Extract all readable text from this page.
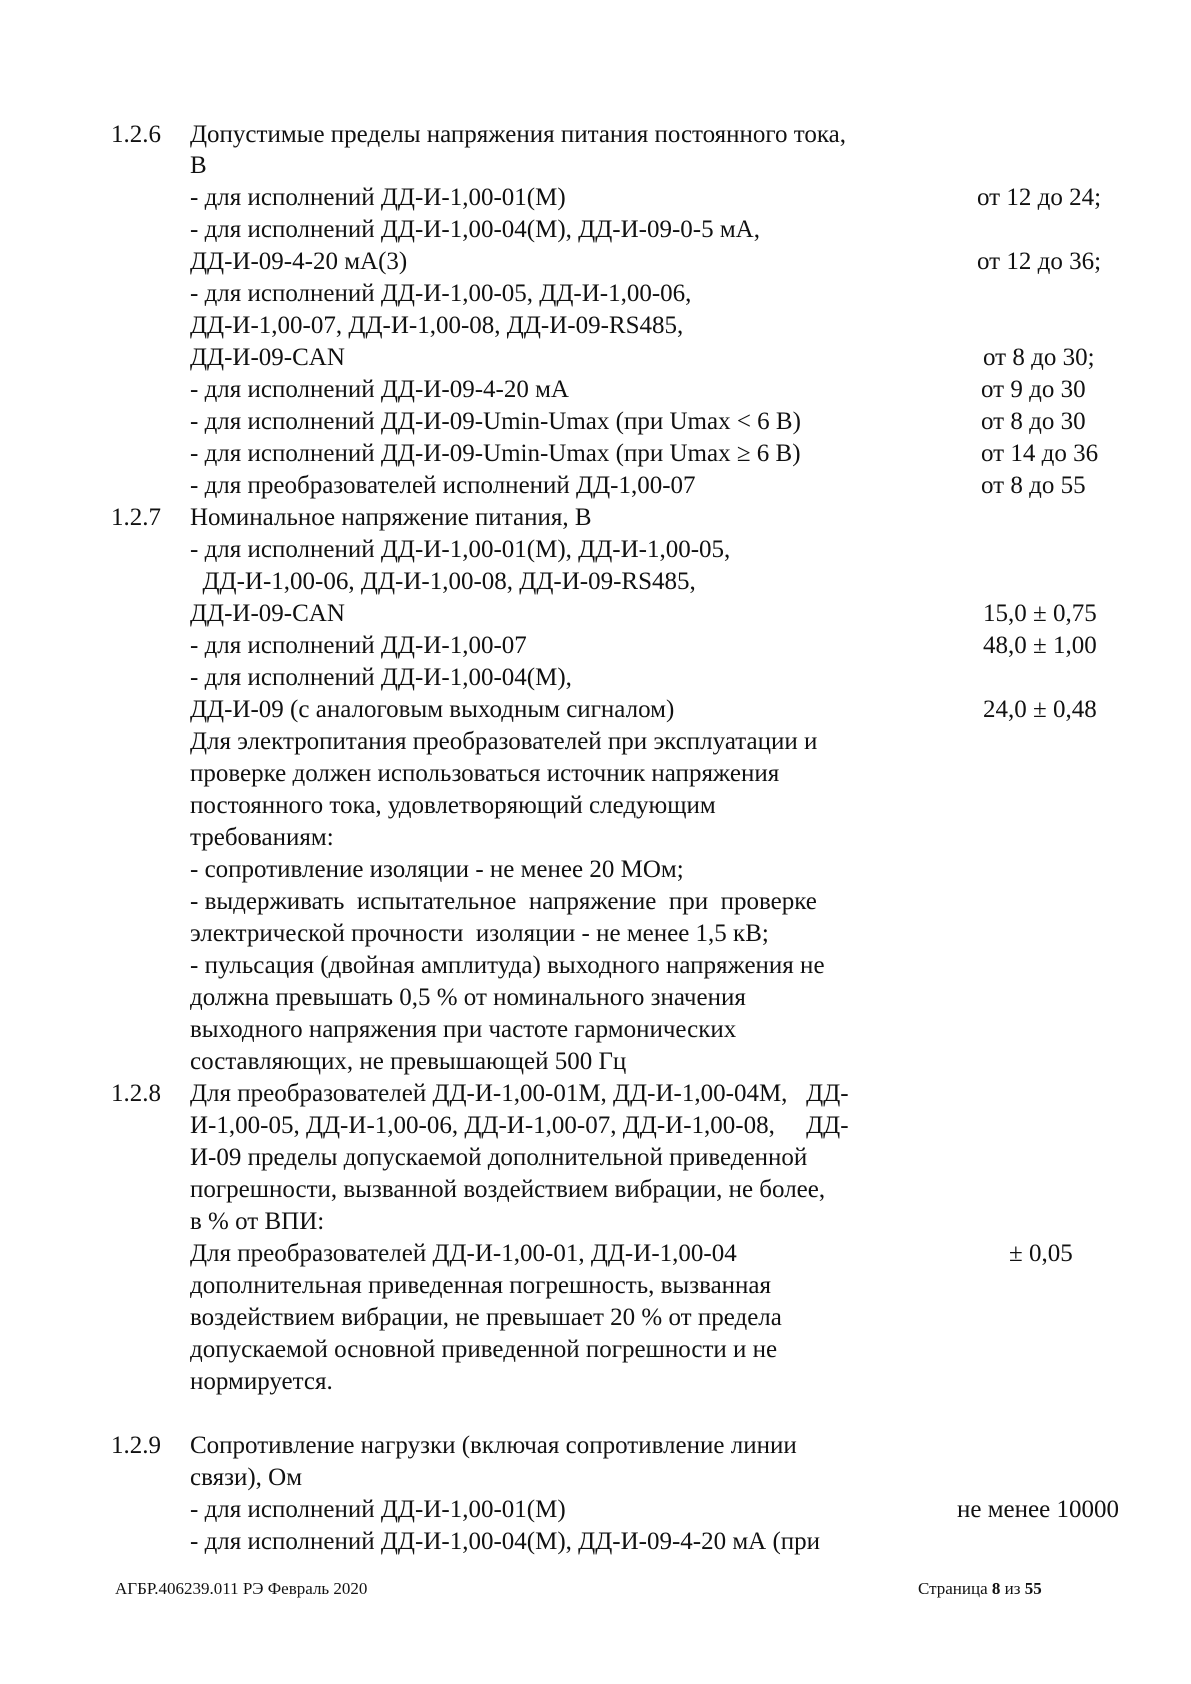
1.2.6 Допустимые пределы напряжения питания постоянного тока,
В
- для исполнений ДД-И-1,00-01(М)	от 12 до 24;
- для исполнений ДД-И-1,00-04(М), ДД-И-09-0-5 мА,
ДД-И-09-4-20 мА(3)	от 12 до 36;
- для исполнений ДД-И-1,00-05, ДД-И-1,00-06,
ДД-И-1,00-07, ДД-И-1,00-08, ДД-И-09-RS485,
ДД-И-09-CAN	от 8 до 30;
- для исполнений ДД-И-09-4-20 мА	от 9 до 30
- для исполнений ДД-И-09-Umin-Umax (при Umax < 6 В)	от 8 до 30
- для исполнений ДД-И-09-Umin-Umax (при Umax ≥ 6 В)	от 14 до 36
- для преобразователей исполнений ДД-1,00-07	от 8 до 55
1.2.7 Номинальное напряжение питания, В
- для исполнений ДД-И-1,00-01(М), ДД-И-1,00-05,
ДД-И-1,00-06, ДД-И-1,00-08, ДД-И-09-RS485,
ДД-И-09-CAN	15,0 ± 0,75
- для исполнений ДД-И-1,00-07	48,0 ± 1,00
- для исполнений ДД-И-1,00-04(М),
ДД-И-09 (с аналоговым выходным сигналом)	24,0 ± 0,48
Для электропитания преобразователей при эксплуатации и
проверке должен использоваться источник напряжения
постоянного тока, удовлетворяющий следующим
требованиям:
- сопротивление изоляции - не менее 20 МОм;
- выдерживать  испытательное  напряжение  при  проверке
электрической прочности  изоляции - не менее 1,5 кВ;
- пульсация (двойная амплитуда) выходного напряжения не
должна превышать 0,5 % от номинального значения
выходного напряжения при частоте гармонических
составляющих, не превышающей 500 Гц
1.2.8 Для преобразователей ДД-И-1,00-01М, ДД-И-1,00-04М,   ДД-
И-1,00-05, ДД-И-1,00-06, ДД-И-1,00-07, ДД-И-1,00-08,     ДД-
И-09 пределы допускаемой дополнительной приведенной
погрешности, вызванной воздействием вибрации, не более,
в % от ВПИ:
Для преобразователей ДД-И-1,00-01, ДД-И-1,00-04	± 0,05
дополнительная приведенная погрешность, вызванная
воздействием вибрации, не превышает 20 % от предела
допускаемой основной приведенной погрешности и не
нормируется.
1.2.9 Сопротивление нагрузки (включая сопротивление линии
связи), Ом
- для исполнений ДД-И-1,00-01(М)	не менее 10000
- для исполнений ДД-И-1,00-04(М), ДД-И-09-4-20 мА (при
АГБР.406239.011 РЭ Февраль 2020	Страница 8 из 55
